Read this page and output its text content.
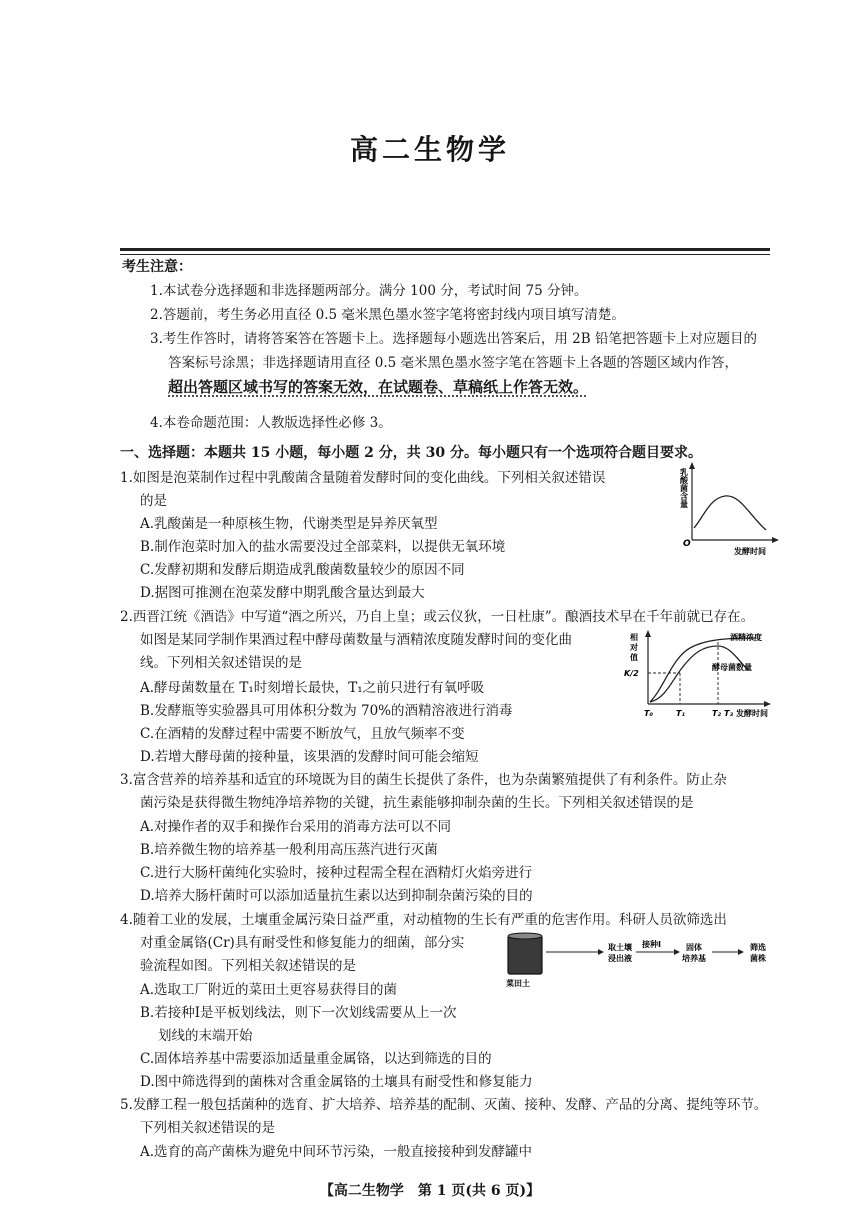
高二生物学
考生注意：
1.本试卷分选择题和非选择题两部分。满分 100 分，考试时间 75 分钟。
2.答题前，考生务必用直径 0.5 毫米黑色墨水签字笔将密封线内项目填写清楚。
3.考生作答时，请将答案答在答题卡上。选择题每小题选出答案后，用 2B 铅笔把答题卡上对应题目的
答案标号涂黑；非选择题请用直径 0.5 毫米黑色墨水签字笔在答题卡上各题的答题区域内作答，
超出答题区域书写的答案无效，在试题卷、草稿纸上作答无效。
4.本卷命题范围：人教版选择性必修 3。
一、选择题：本题共 15 小题，每小题 2 分，共 30 分。每小题只有一个选项符合题目要求。
1.如图是泡菜制作过程中乳酸菌含量随着发酵时间的变化曲线。下列相关叙述错误
的是
A.乳酸菌是一种原核生物，代谢类型是异养厌氧型
B.制作泡菜时加入的盐水需要没过全部菜料，以提供无氧环境
C.发酵初期和发酵后期造成乳酸菌数量较少的原因不同
D.据图可推测在泡菜发酵中期乳酸含量达到最大
乳酸菌含量
O
发酵时间
2.西晋江统《酒诰》中写道“酒之所兴，乃自上皇；或云仪狄，一日杜康”。酿酒技术早在千年前就已存在。
如图是某同学制作果酒过程中酵母菌数量与酒精浓度随发酵时间的变化曲
线。下列相关叙述错误的是
A.酵母菌数量在 T₁时刻增长最快，T₁之前只进行有氧呼吸
B.发酵瓶等实验器具可用体积分数为 70%的酒精溶液进行消毒
C.在酒精的发酵过程中需要不断放气，且放气频率不变
D.若增大酵母菌的接种量，该果酒的发酵时间可能会缩短
相
对
值
K/2
酒精浓度
酵母菌数量
T₀	T₁	T₂ T₃ 发酵时间
3.富含营养的培养基和适宜的环境既为目的菌生长提供了条件，也为杂菌繁殖提供了有利条件。防止杂
菌污染是获得微生物纯净培养物的关键，抗生素能够抑制杂菌的生长。下列相关叙述错误的是
A.对操作者的双手和操作台采用的消毒方法可以不同
B.培养微生物的培养基一般利用高压蒸汽进行灭菌
C.进行大肠杆菌纯化实验时，接种过程需全程在酒精灯火焰旁进行
D.培养大肠杆菌时可以添加适量抗生素以达到抑制杂菌污染的目的
4.随着工业的发展，土壤重金属污染日益严重，对动植物的生长有严重的危害作用。科研人员欲筛选出
对重金属铬(Cr)具有耐受性和修复能力的细菌，部分实
验流程如图。下列相关叙述错误的是
A.选取工厂附近的菜田土更容易获得目的菌
B.若接种Ⅰ是平板划线法，则下一次划线需要从上一次
划线的末端开始
C.固体培养基中需要添加适量重金属铬，以达到筛选的目的
菜田土
取土壤
浸出液
接种Ⅰ	固体
培养基
筛选
菌株
D.图中筛选得到的菌株对含重金属铬的土壤具有耐受性和修复能力
【高二生物学　第 1 页(共 6 页)】
5.发酵工程一般包括菌种的选育、扩大培养、培养基的配制、灭菌、接种、发酵、产品的分离、提纯等环节。
下列相关叙述错误的是
A.选育的高产菌株为避免中间环节污染，一般直接接种到发酵罐中
